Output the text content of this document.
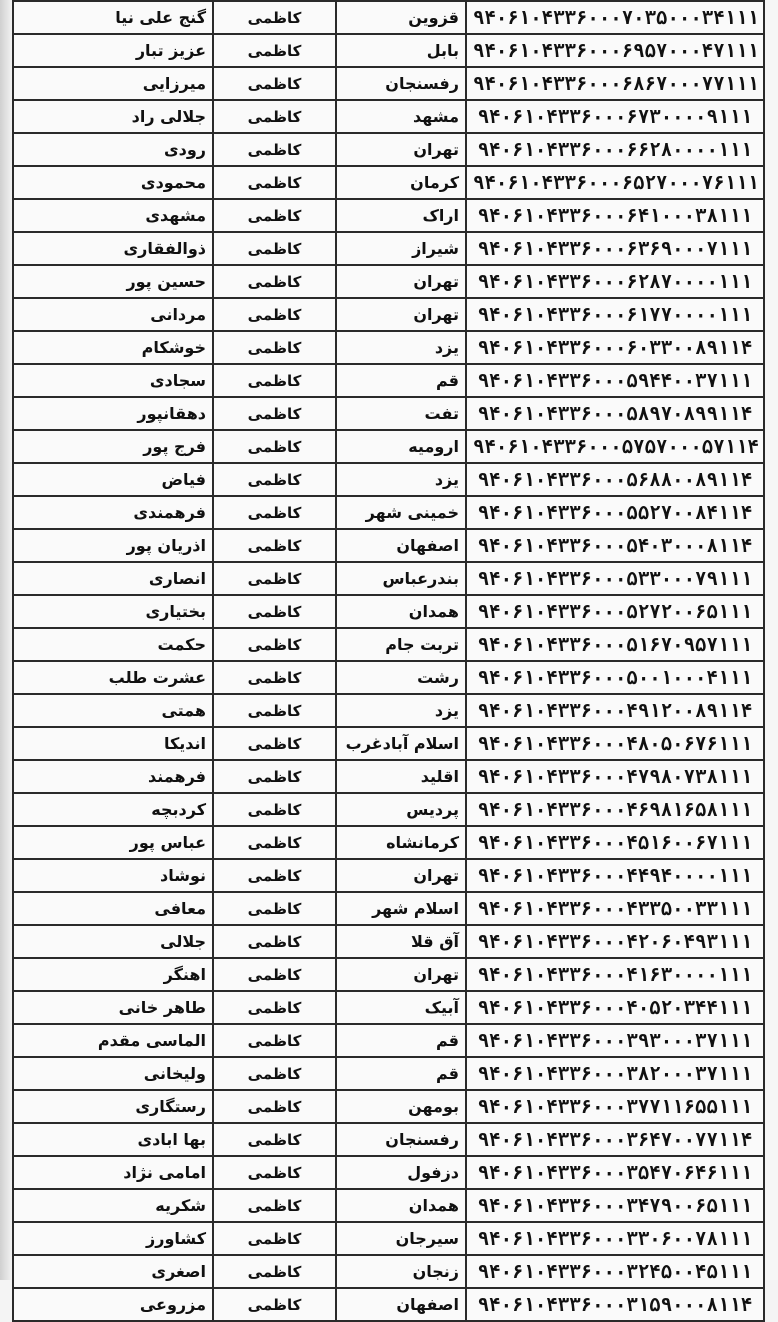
گنج علی نیا	کاظمی	قزوین	۹۴۰۶۱۰۴۳۳۶۰۰۰۷۰۳۵۰۰۰۳۴۱۱۱
عزیز تبار	کاظمی	بابل	۹۴۰۶۱۰۴۳۳۶۰۰۰۶۹۵۷۰۰۰۴۷۱۱۱
میرزایی	کاظمی	رفسنجان	۹۴۰۶۱۰۴۳۳۶۰۰۰۶۸۶۷۰۰۰۷۷۱۱۱
جلالی راد	کاظمی	مشهد	۹۴۰۶۱۰۴۳۳۶۰۰۰۶۷۳۰۰۰۰۹۱۱۱
رودی	کاظمی	تهران	۹۴۰۶۱۰۴۳۳۶۰۰۰۶۶۲۸۰۰۰۰۱۱۱
محمودی	کاظمی	کرمان	۹۴۰۶۱۰۴۳۳۶۰۰۰۶۵۲۷۰۰۰۷۶۱۱۱
مشهدی	کاظمی	اراک	۹۴۰۶۱۰۴۳۳۶۰۰۰۶۴۱۰۰۰۳۸۱۱۱
ذوالفقاری	کاظمی	شیراز	۹۴۰۶۱۰۴۳۳۶۰۰۰۶۳۶۹۰۰۰۷۱۱۱
حسین پور	کاظمی	تهران	۹۴۰۶۱۰۴۳۳۶۰۰۰۶۲۸۷۰۰۰۰۱۱۱
مردانی	کاظمی	تهران	۹۴۰۶۱۰۴۳۳۶۰۰۰۶۱۷۷۰۰۰۰۱۱۱
خوشکام	کاظمی	یزد	۹۴۰۶۱۰۴۳۳۶۰۰۰۶۰۳۳۰۰۸۹۱۱۴
سجادی	کاظمی	قم	۹۴۰۶۱۰۴۳۳۶۰۰۰۵۹۴۴۰۰۳۷۱۱۱
دهقانپور	کاظمی	تفت	۹۴۰۶۱۰۴۳۳۶۰۰۰۵۸۹۷۰۸۹۹۱۱۴
فرج پور	کاظمی	ارومیه	۹۴۰۶۱۰۴۳۳۶۰۰۰۵۷۵۷۰۰۰۵۷۱۱۴
فیاض	کاظمی	یزد	۹۴۰۶۱۰۴۳۳۶۰۰۰۵۶۸۸۰۰۸۹۱۱۴
فرهمندی	کاظمی	خمینی شهر	۹۴۰۶۱۰۴۳۳۶۰۰۰۵۵۲۷۰۰۸۴۱۱۴
اذریان پور	کاظمی	اصفهان	۹۴۰۶۱۰۴۳۳۶۰۰۰۵۴۰۳۰۰۰۸۱۱۴
انصاری	کاظمی	بندرعباس	۹۴۰۶۱۰۴۳۳۶۰۰۰۵۳۳۰۰۰۷۹۱۱۱
بختیاری	کاظمی	همدان	۹۴۰۶۱۰۴۳۳۶۰۰۰۵۲۷۲۰۰۶۵۱۱۱
حکمت	کاظمی	تربت جام	۹۴۰۶۱۰۴۳۳۶۰۰۰۵۱۶۷۰۹۵۷۱۱۱
عشرت طلب	کاظمی	رشت	۹۴۰۶۱۰۴۳۳۶۰۰۰۵۰۰۱۰۰۰۴۱۱۱
همتی	کاظمی	یزد	۹۴۰۶۱۰۴۳۳۶۰۰۰۴۹۱۲۰۰۸۹۱۱۴
اندیکا	کاظمی	اسلام آبادغرب	۹۴۰۶۱۰۴۳۳۶۰۰۰۴۸۰۵۰۶۷۶۱۱۱
فرهمند	کاظمی	اقلید	۹۴۰۶۱۰۴۳۳۶۰۰۰۴۷۹۸۰۷۳۸۱۱۱
کردبچه	کاظمی	پردیس	۹۴۰۶۱۰۴۳۳۶۰۰۰۴۶۹۸۱۶۵۸۱۱۱
عباس پور	کاظمی	کرمانشاه	۹۴۰۶۱۰۴۳۳۶۰۰۰۴۵۱۶۰۰۶۷۱۱۱
نوشاد	کاظمی	تهران	۹۴۰۶۱۰۴۳۳۶۰۰۰۴۴۹۴۰۰۰۰۱۱۱
معافی	کاظمی	اسلام شهر	۹۴۰۶۱۰۴۳۳۶۰۰۰۴۳۳۵۰۰۳۳۱۱۱
جلالی	کاظمی	آق قلا	۹۴۰۶۱۰۴۳۳۶۰۰۰۴۲۰۶۰۴۹۳۱۱۱
اهنگر	کاظمی	تهران	۹۴۰۶۱۰۴۳۳۶۰۰۰۴۱۶۳۰۰۰۰۱۱۱
طاهر خانی	کاظمی	آبیک	۹۴۰۶۱۰۴۳۳۶۰۰۰۴۰۵۲۰۳۴۴۱۱۱
الماسی مقدم	کاظمی	قم	۹۴۰۶۱۰۴۳۳۶۰۰۰۳۹۳۰۰۰۳۷۱۱۱
ولیخانی	کاظمی	قم	۹۴۰۶۱۰۴۳۳۶۰۰۰۳۸۲۰۰۰۳۷۱۱۱
رستگاری	کاظمی	بومهن	۹۴۰۶۱۰۴۳۳۶۰۰۰۳۷۷۱۱۶۵۵۱۱۱
بها ابادی	کاظمی	رفسنجان	۹۴۰۶۱۰۴۳۳۶۰۰۰۳۶۴۷۰۰۷۷۱۱۴
امامی نژاد	کاظمی	دزفول	۹۴۰۶۱۰۴۳۳۶۰۰۰۳۵۴۷۰۶۴۶۱۱۱
شکریه	کاظمی	همدان	۹۴۰۶۱۰۴۳۳۶۰۰۰۳۴۷۹۰۰۶۵۱۱۱
کشاورز	کاظمی	سیرجان	۹۴۰۶۱۰۴۳۳۶۰۰۰۳۳۰۶۰۰۷۸۱۱۱
اصغری	کاظمی	زنجان	۹۴۰۶۱۰۴۳۳۶۰۰۰۳۲۴۵۰۰۴۵۱۱۱
مزروعی	کاظمی	اصفهان	۹۴۰۶۱۰۴۳۳۶۰۰۰۳۱۵۹۰۰۰۸۱۱۴
